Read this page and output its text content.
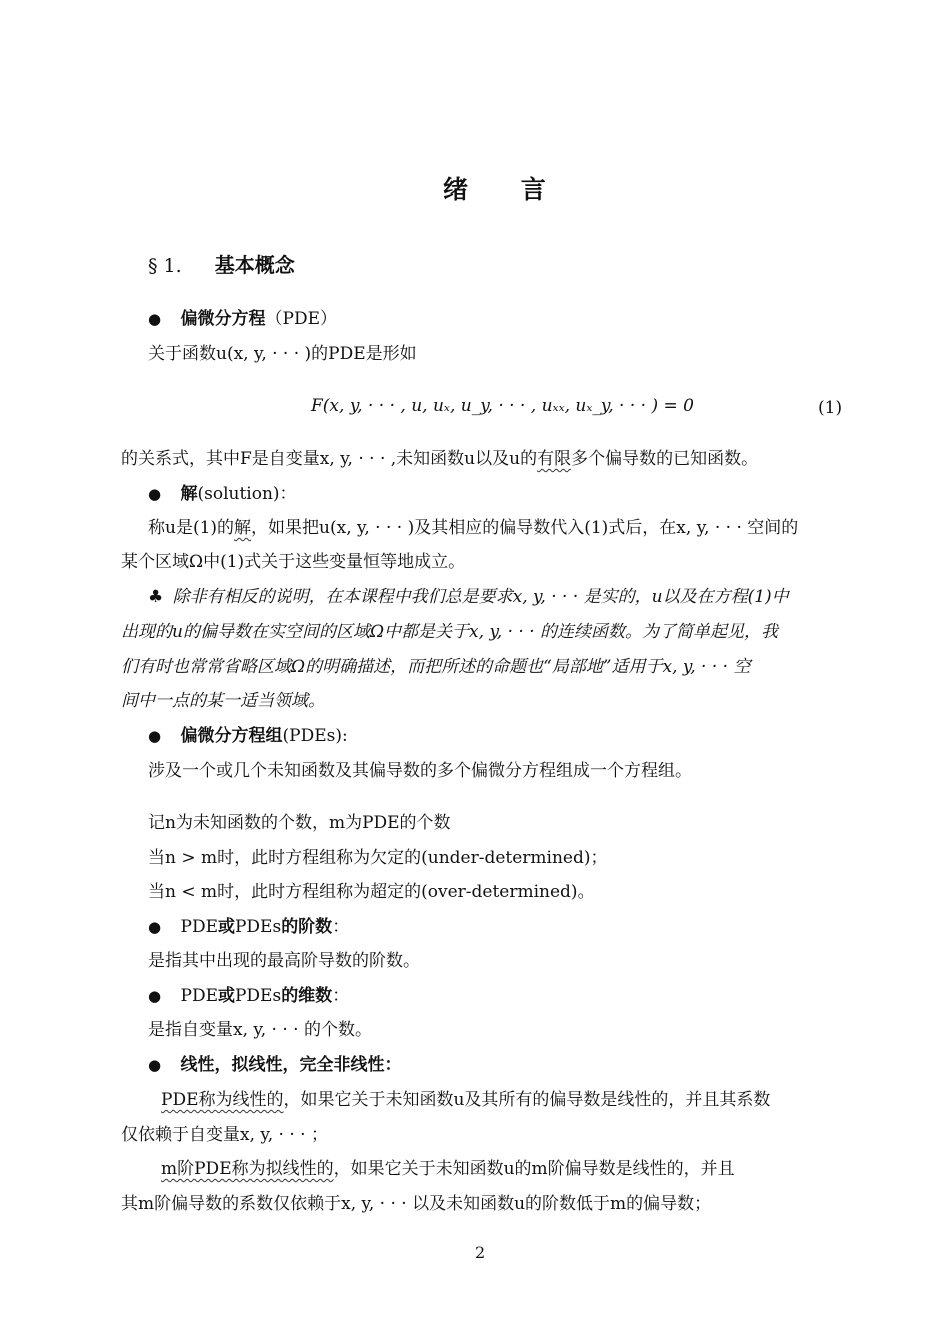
绪 言
§ 1. 基本概念
● 偏微分方程（PDE）
关于函数u(x, y, · · · )的PDE是形如
F(x, y, · · · , u, uₓ, u_y, · · · , uₓₓ, uₓ_y, · · · ) = 0	(1)
的关系式，其中F是自变量x, y, · · · ,未知函数u以及u的有限多个偏导数的已知函数。
● 解(solution)：
称u是(1)的解，如果把u(x, y, · · · )及其相应的偏导数代入(1)式后，在x, y, · · · 空间的
某个区域Ω中(1)式关于这些变量恒等地成立。
♣ 除非有相反的说明，在本课程中我们总是要求x, y, · · · 是实的，u以及在方程(1)中
出现的u的偏导数在实空间的区域Ω中都是关于x, y, · · · 的连续函数。为了简单起见，我
们有时也常常省略区域Ω的明确描述，而把所述的命题也“局部地”适用于x, y, · · · 空
间中一点的某一适当领域。
● 偏微分方程组(PDEs):
涉及一个或几个未知函数及其偏导数的多个偏微分方程组成一个方程组。
记n为未知函数的个数，m为PDE的个数
当n > m时，此时方程组称为欠定的(under-determined)；
当n < m时，此时方程组称为超定的(over-determined)。
● PDE或PDEs的阶数：
是指其中出现的最高阶导数的阶数。
● PDE或PDEs的维数：
是指自变量x, y, · · · 的个数。
● 线性，拟线性，完全非线性：
PDE称为线性的，如果它关于未知函数u及其所有的偏导数是线性的，并且其系数
仅依赖于自变量x, y, · · · ；
m阶PDE称为拟线性的，如果它关于未知函数u的m阶偏导数是线性的，并且
其m阶偏导数的系数仅依赖于x, y, · · · 以及未知函数u的阶数低于m的偏导数；
2
